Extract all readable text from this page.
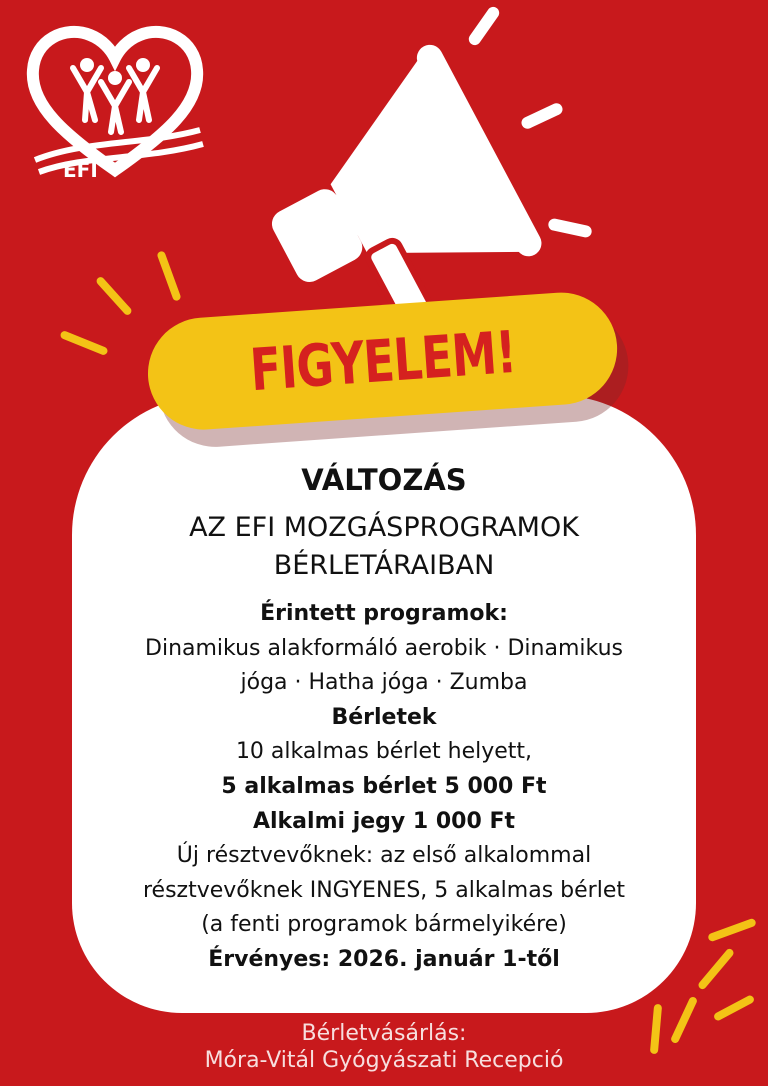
EFI
FIGYELEM!
VÁLTOZÁS
AZ EFI MOZGÁSPROGRAMOK
BÉRLETÁRAIBAN
Érintett programok:
Dinamikus alakformáló aerobik · Dinamikus
jóga · Hatha jóga · Zumba
Bérletek
10 alkalmas bérlet helyett,
5 alkalmas bérlet 5 000 Ft
Alkalmi jegy 1 000 Ft
Új résztvevőknek: az első alkalommal
résztvevőknek INGYENES, 5 alkalmas bérlet
(a fenti programok bármelyikére)
Érvényes: 2026. január 1-től
Bérletvásárlás:
Móra-Vitál Gyógyászati Recepció
